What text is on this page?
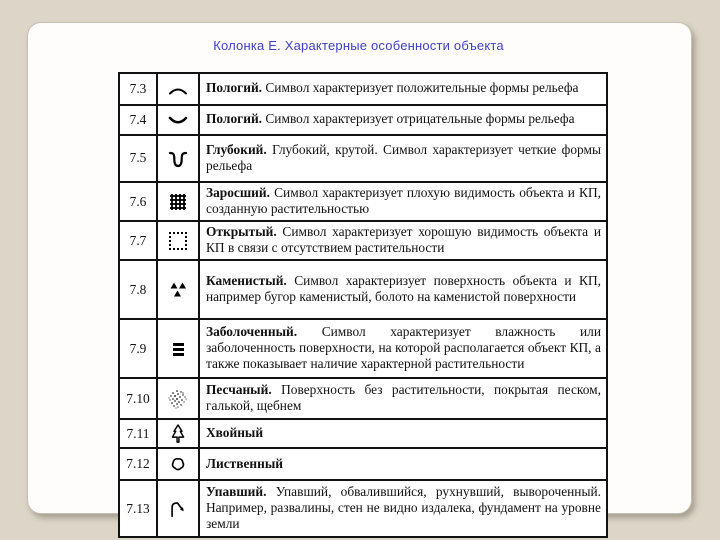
Колонка Е. Характерные особенности объекта
7.3		Пологий. Символ характеризует положительные формы рельефа
7.4		Пологий. Символ характеризует отрицательные формы рельефа
7.5		Глубокий. Глубокий, крутой. Символ характеризует четкие формы рельефа
7.6		Заросший. Символ характеризует плохую видимость объекта и КП, созданную растительностью
7.7		Открытый. Символ характеризует хорошую видимость объекта и КП в связи с отсутствием растительности
7.8		Каменистый. Символ характеризует поверхность объекта и КП, например бугор каменистый, болото на каменистой поверхности
7.9		Заболоченный. Символ характеризует влажность или заболоченность поверхности, на которой располагается объект КП, а также показывает наличие характерной растительности
7.10		Песчаный. Поверхность без растительности, покрытая песком, галькой, щебнем
7.11		Хвойный
7.12		Лиственный
7.13		Упавший. Упавший, обвалившийся, рухнувший, вывороченный. Например, развалины, стен не видно издалека, фундамент на уровне земли
